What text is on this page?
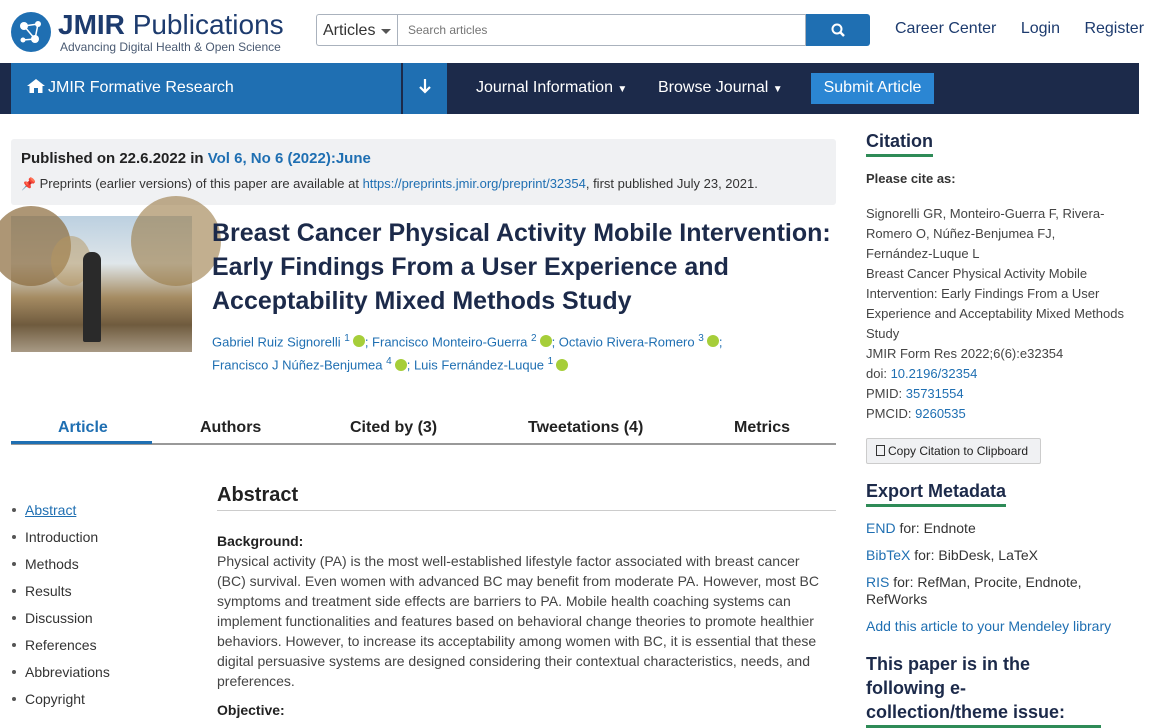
JMIR Publications
Advancing Digital Health & Open Science
Articles
Search articles	Career Center Login Register
JMIR Formative Research	Journal Information ▼ Browse Journal ▼	Submit Article
Published on 22.6.2022 in Vol 6, No 6 (2022):June
📌 Preprints (earlier versions) of this paper are available at https://preprints.jmir.org/preprint/32354, first published July 23, 2021.
Breast Cancer Physical Activity Mobile Intervention: Early Findings From a User Experience and Acceptability Mixed Methods Study
Gabriel Ruiz Signorelli $^1$ ; Francisco Monteiro-Guerra $^2$ ; Octavio Rivera-Romero $^3$ ;
Francisco J Núñez-Benjumea $^4$ ; Luis Fernández-Luque $^1$
Article	Authors	Cited by (3)	Tweetations (4)	Metrics
Abstract
Introduction
Methods
Results
Discussion
References
Abbreviations
Copyright
Abstract
Background:

Physical activity (PA) is the most well-established lifestyle factor associated with breast cancer (BC) survival. Even women with advanced BC may benefit from moderate PA. However, most BC symptoms and treatment side effects are barriers to PA. Mobile health coaching systems can implement functionalities and features based on behavioral change theories to promote healthier behaviors. However, to increase its acceptability among women with BC, it is essential that these digital persuasive systems are designed considering their contextual characteristics, needs, and preferences.

Objective:
Citation
Please cite as:
Signorelli GR, Monteiro-Guerra F, Rivera-Romero O, Núñez-Benjumea FJ, Fernández-Luque L
Breast Cancer Physical Activity Mobile Intervention: Early Findings From a User Experience and Acceptability Mixed Methods Study
JMIR Form Res 2022;6(6):e32354
doi: 10.2196/32354
PMID: 35731554
PMCID: 9260535
Copy Citation to Clipboard
Export Metadata
END for: Endnote
BibTeX for: BibDesk, LaTeX
RIS for: RefMan, Procite, Endnote, RefWorks
Add this article to your Mendeley library
This paper is in the following e-collection/theme issue:
